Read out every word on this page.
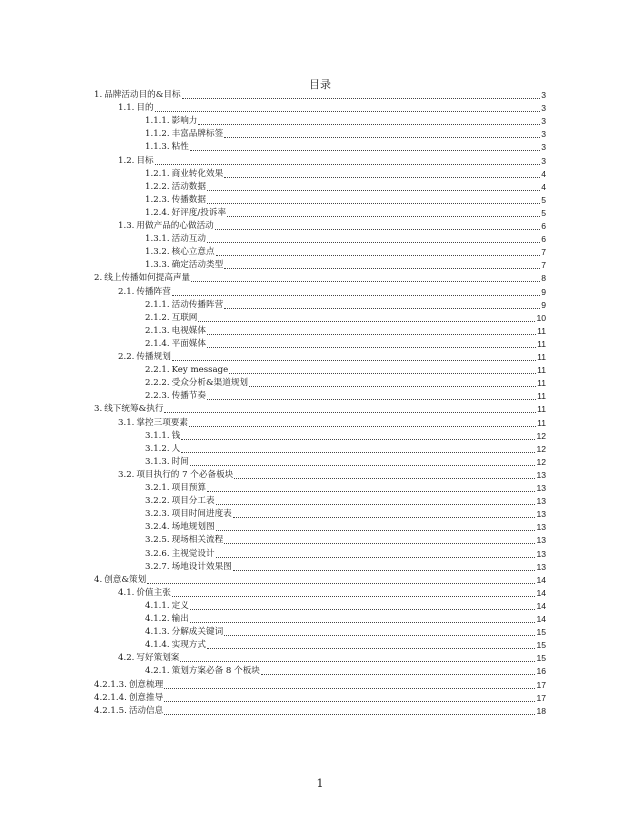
目录
1. 品牌活动目的&目标	3
1.1. 目的	3
1.1.1. 影响力	3
1.1.2. 丰富品牌标签	3
1.1.3. 粘性	3
1.2. 目标	3
1.2.1. 商业转化效果	4
1.2.2. 活动数据	4
1.2.3. 传播数据	5
1.2.4. 好评度/投诉率	5
1.3. 用做产品的心做活动	6
1.3.1. 活动互动	6
1.3.2. 核心立意点	7
1.3.3. 确定活动类型	7
2. 线上传播如何提高声量	8
2.1. 传播阵营	9
2.1.1. 活动传播阵营	9
2.1.2. 互联网	10
2.1.3. 电视媒体	11
2.1.4. 平面媒体	11
2.2. 传播规划	11
2.2.1. Key message	11
2.2.2. 受众分析&渠道规划	11
2.2.3. 传播节奏	11
3. 线下统筹&执行	11
3.1. 掌控三项要素	11
3.1.1. 钱	12
3.1.2. 人	12
3.1.3. 时间	12
3.2. 项目执行的 7 个必备板块	13
3.2.1. 项目预算	13
3.2.2. 项目分工表	13
3.2.3. 项目时间进度表	13
3.2.4. 场地规划图	13
3.2.5. 现场相关流程	13
3.2.6. 主视觉设计	13
3.2.7. 场地设计效果图	13
4. 创意&策划	14
4.1. 价值主张	14
4.1.1. 定义	14
4.1.2. 输出	14
4.1.3. 分解成关键词	15
4.1.4. 实现方式	15
4.2. 写好策划案	15
4.2.1. 策划方案必备 8 个板块	16
4.2.1.3. 创意梳理	17
4.2.1.4. 创意推导	17
4.2.1.5. 活动信息	18
1
